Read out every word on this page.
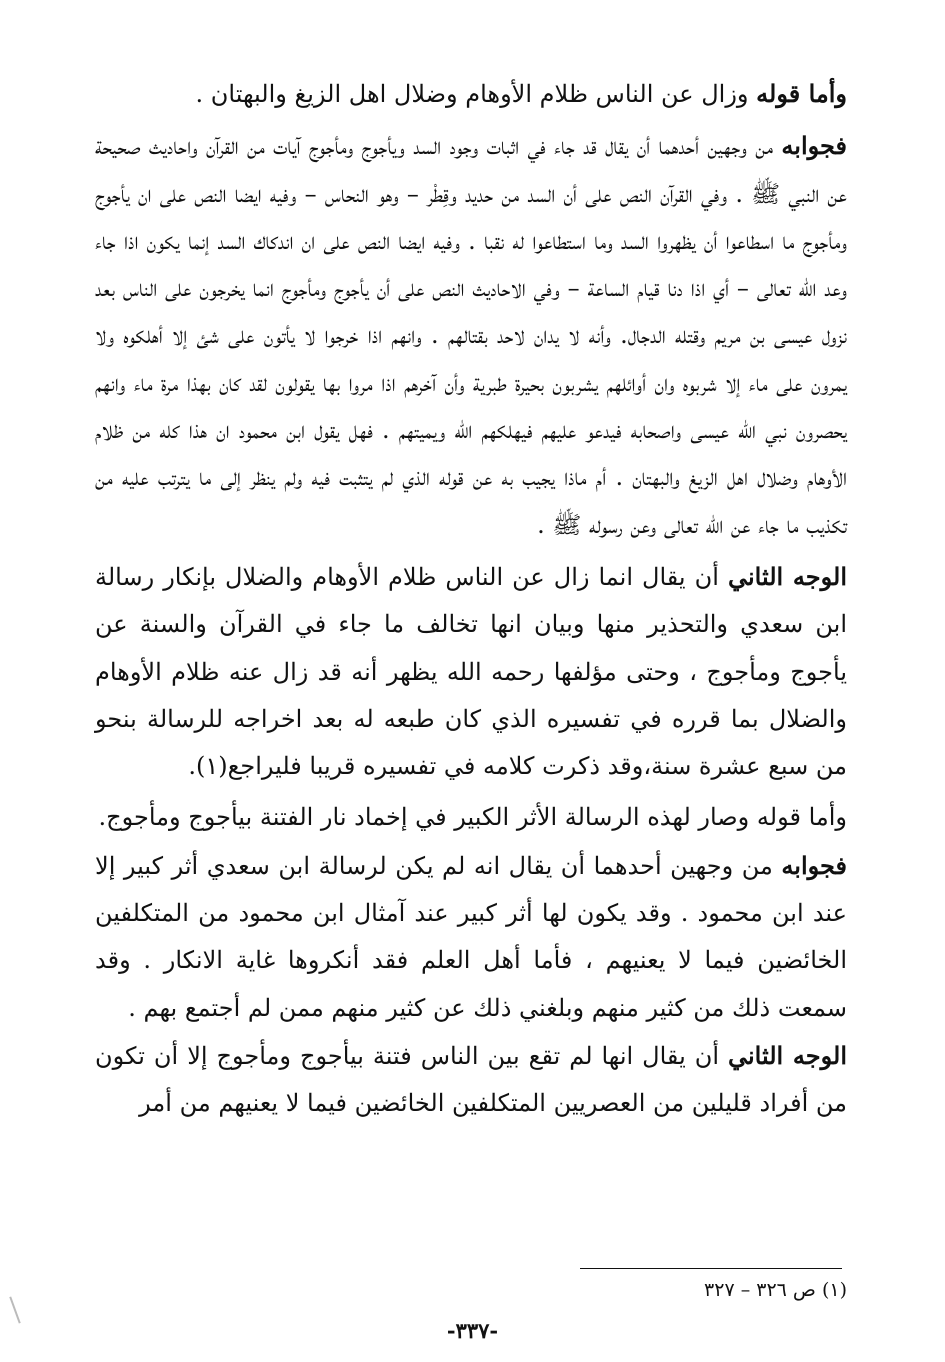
وأما قوله وزال عن الناس ظلام الأوهام وضلال اهل الزيغ والبهتان .

فجوابه من وجهين أحدهما أن يقال قد جاء في اثبات وجود السد ويأجوج ومأجوج آيات من القرآن واحاديث صحيحة عن النبي ﷺ . وفي القرآن النص على أن السد من حديد وقِطْر – وهو النحاس – وفيه ايضا النص على ان يأجوج ومأجوج ما اسطاعوا أن يظهروا السد وما استطاعوا له نقبا . وفيه ايضا النص على ان اندكاك السد إنما يكون اذا جاء وعد الله تعالى – أي اذا دنا قيام الساعة – وفي الاحاديث النص على أن يأجوج ومأجوج انما يخرجون على الناس بعد نزول عيسى بن مريم وقتله الدجال. وأنه لا يدان لاحد بقتالهم . وانهم اذا خرجوا لا يأتون على شئ إلا أهلكوه ولا يمرون على ماء إلا شربوه وان أوائلهم يشربون بحيرة طبرية وأن آخرهم اذا مروا بها يقولون لقد كان بهذا مرة ماء وانهم يحصرون نبي الله عيسى واصحابه فيدعو عليهم فيهلكهم الله ويميتهم . فهل يقول ابن محمود ان هذا كله من ظلام الأوهام وضلال اهل الزيغ والبهتان . أم ماذا يجيب به عن قوله الذي لم يتثبت فيه ولم ينظر إلى ما يترتب عليه من تكذيب ما جاء عن الله تعالى وعن رسوله ﷺ .

الوجه الثاني أن يقال انما زال عن الناس ظلام الأوهام والضلال بإنكار رسالة ابن سعدي والتحذير منها وبيان انها تخالف ما جاء في القرآن والسنة عن يأجوج ومأجوج ، وحتى مؤلفها رحمه الله يظهر أنه قد زال عنه ظلام الأوهام والضلال بما قرره في تفسيره الذي كان طبعه له بعد اخراجه للرسالة بنحو من سبع عشرة سنة،وقد ذكرت كلامه في تفسيره قريبا فليراجع(١).

وأما قوله وصار لهذه الرسالة الأثر الكبير في إخماد نار الفتنة بيأجوج ومأجوج.

فجوابه من وجهين أحدهما أن يقال انه لم يكن لرسالة ابن سعدي أثر كبير إلا عند ابن محمود . وقد يكون لها أثر كبير عند آمثال ابن محمود من المتكلفين الخائضين فيما لا يعنيهم ، فأما أهل العلم فقد أنكروها غاية الانكار . وقد سمعت ذلك من كثير منهم وبلغني ذلك عن كثير منهم ممن لم أجتمع بهم .

الوجه الثاني أن يقال انها لم تقع بين الناس فتنة بيأجوج ومأجوج إلا أن تكون من أفراد قليلين من العصريين المتكلفين الخائضين فيما لا يعنيهم من أمر

(١) ص ٣٢٦ – ٣٢٧
-٣٣٧-
